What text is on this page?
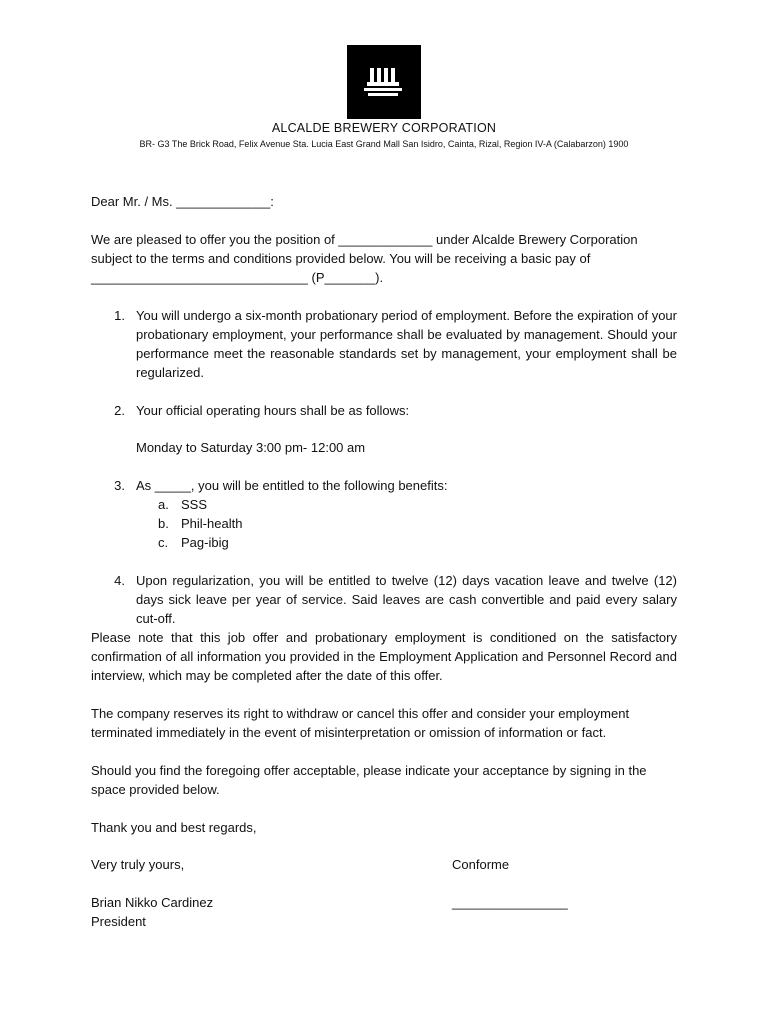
ALCALDE BREWERY CORPORATION
BR- G3 The Brick Road, Felix Avenue Sta. Lucia East Grand Mall San Isidro, Cainta, Rizal, Region IV-A (Calabarzon) 1900
Dear Mr. / Ms. _____________:
We are pleased to offer you the position of _____________ under Alcalde Brewery Corporation
subject to the terms and conditions provided below. You will be receiving a basic pay of
______________________________ (P_______).
1. You will undergo a six-month probationary period of employment. Before the expiration of your probationary employment, your performance shall be evaluated by management. Should your performance meet the reasonable standards set by management, your employment shall be regularized.
2. Your official operating hours shall be as follows:
Monday to Saturday 3:00 pm- 12:00 am
3. As _____, you will be entitled to the following benefits:
a. SSS
b. Phil-health
c. Pag-ibig
4. Upon regularization, you will be entitled to twelve (12) days vacation leave and twelve (12) days sick leave per year of service. Said leaves are cash convertible and paid every salary cut-off.
Please note that this job offer and probationary employment is conditioned on the satisfactory confirmation of all information you provided in the Employment Application and Personnel Record and interview, which may be completed after the date of this offer.
The company reserves its right to withdraw or cancel this offer and consider your employment terminated immediately in the event of misinterpretation or omission of information or fact.
Should you find the foregoing offer acceptable, please indicate your acceptance by signing in the space provided below.
Thank you and best regards,
Very truly yours,	Conforme
Brian Nikko Cardinez	________________
President
